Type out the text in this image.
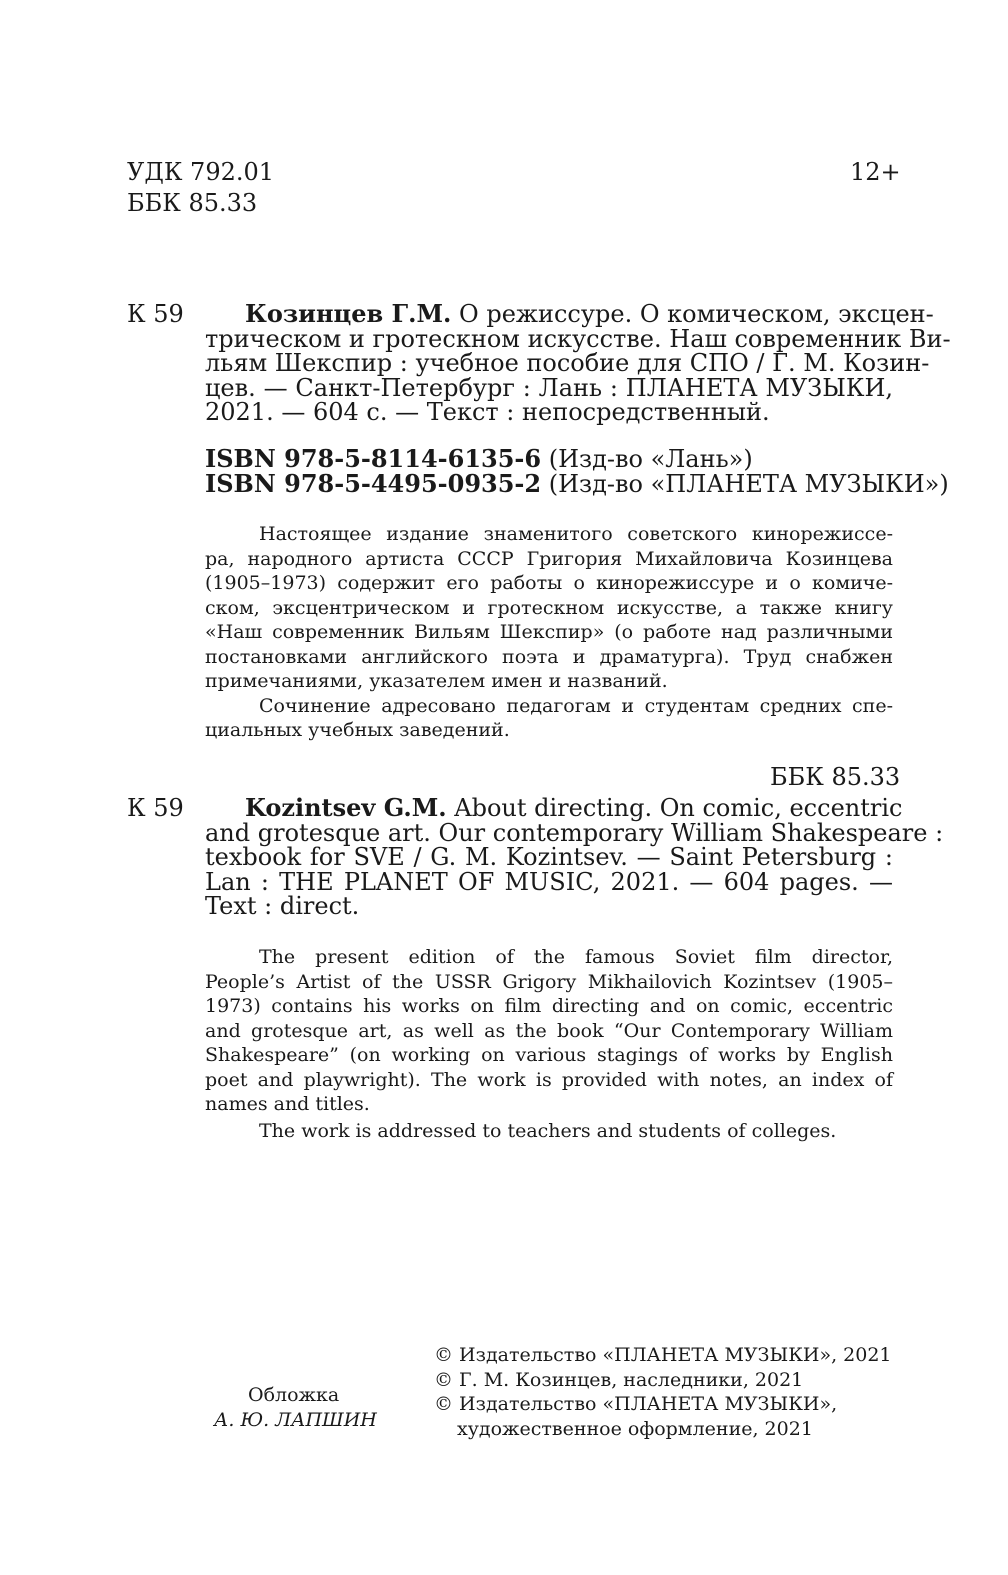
УДК 792.01
ББК 85.33
12+
К 59	Козинцев Г.М. О режиссуре. О комическом, эксцен-
трическом и гротескном искусстве. Наш современник Ви-
льям Шекспир : учебное пособие для СПО / Г. М. Козин-
цев. — Санкт-Петербург : Лань : ПЛАНЕТА МУЗЫКИ,
2021. — 604 с. — Текст : непосредственный.
ISBN 978-5-8114-6135-6 (Изд-во «Лань»)
ISBN 978-5-4495-0935-2 (Изд-во «ПЛАНЕТА МУЗЫКИ»)
Настоящее издание знаменитого советского кинорежиссе-
ра, народного артиста СССР Григория Михайловича Козинцева
(1905–1973) содержит его работы о кинорежиссуре и о комиче-
ском, эксцентрическом и гротескном искусстве, а также книгу
«Наш современник Вильям Шекспир» (о работе над различными
постановками английского поэта и драматурга). Труд снабжен
примечаниями, указателем имен и названий.
Сочинение адресовано педагогам и студентам средних спе-
циальных учебных заведений.
ББК 85.33
К 59	Kozintsev G.M. About directing. On comic, eccentric
and grotesque art. Our contemporary William Shakespeare :
texbook for SVE / G. M. Kozintsev. — Saint Petersburg :
Lan : THE PLANET OF MUSIC, 2021. — 604 pages. —
Text : direct.
The present edition of the famous Soviet film director,
People’s Artist of the USSR Grigory Mikhailovich Kozintsev (1905–
1973) contains his works on film directing and on comic, eccentric
and grotesque art, as well as the book “Our Contemporary William
Shakespeare” (on working on various stagings of works by English
poet and playwright). The work is provided with notes, an index of
names and titles.
The work is addressed to teachers and students of colleges.
Обложка
А. Ю. ЛАПШИН
© Издательство «ПЛАНЕТА МУЗЫКИ», 2021
© Г. М. Козинцев, наследники, 2021
© Издательство «ПЛАНЕТА МУЗЫКИ»,
художественное оформление, 2021
